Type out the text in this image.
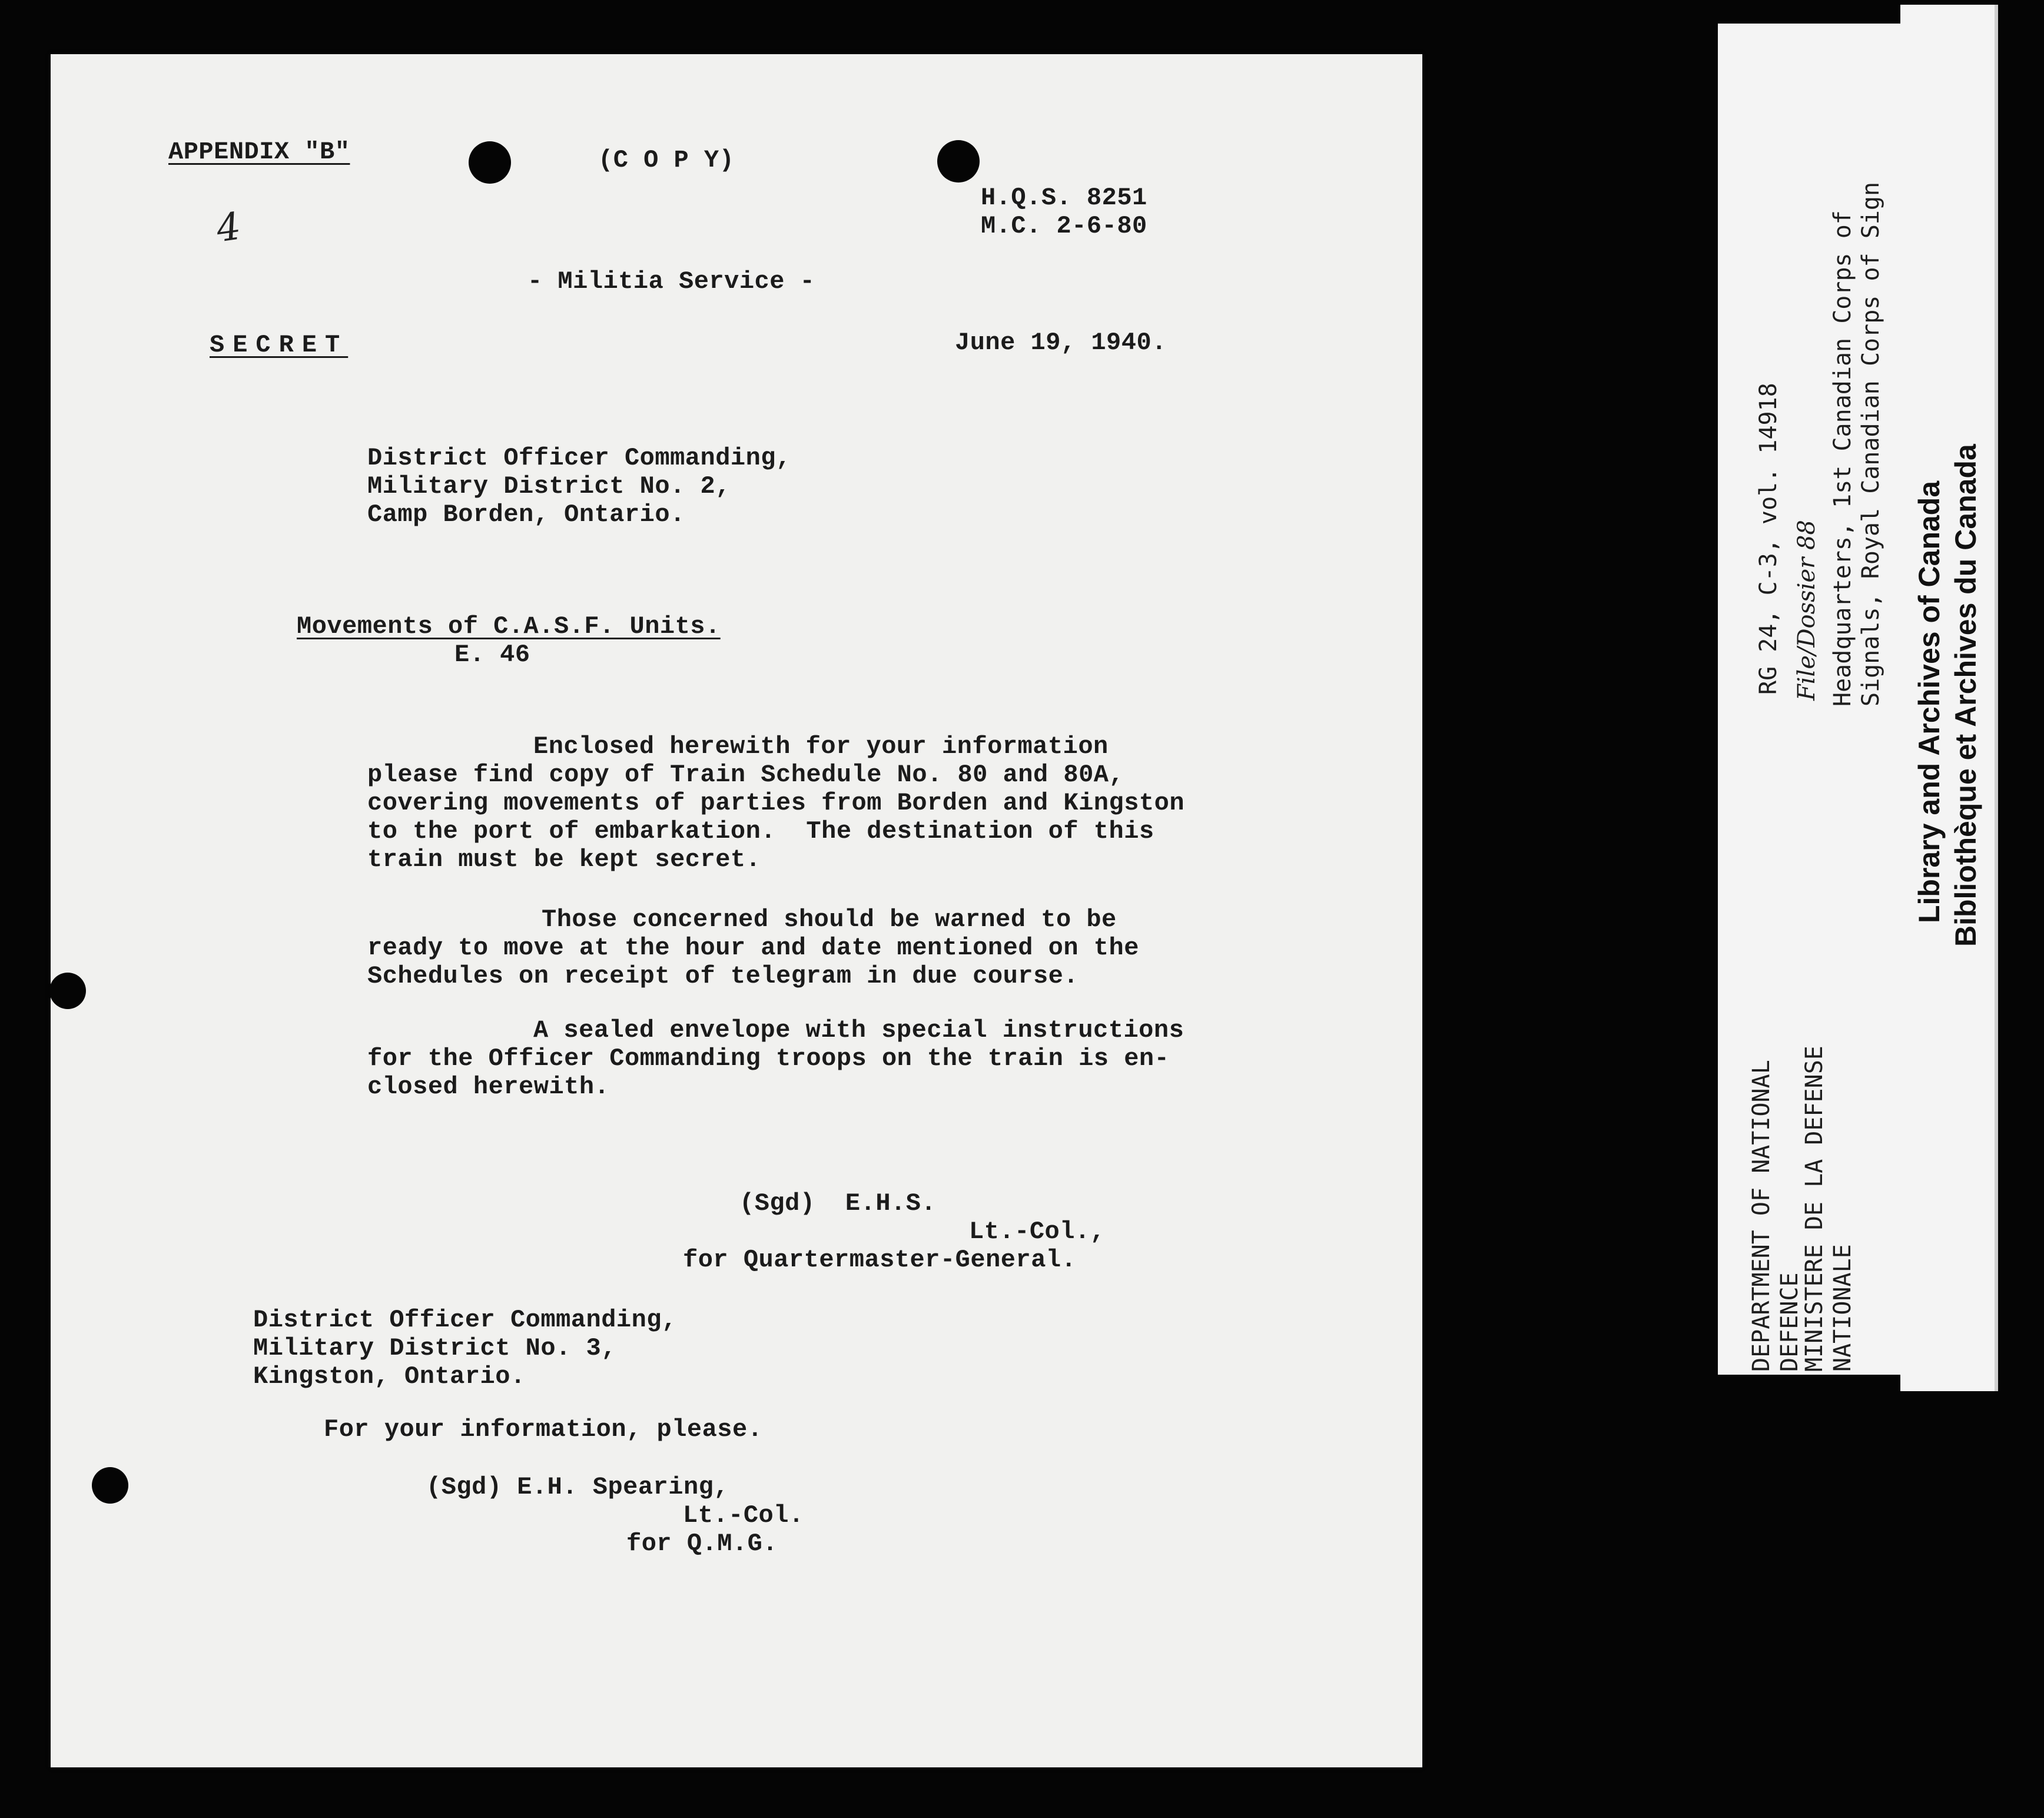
APPENDIX "B"	(C O P Y)
H.Q.S. 8251
M.C. 2-6-80
4
- Militia Service -
SECRET	June 19, 1940.
District Officer Commanding,
Military District No. 2,
Camp Borden, Ontario.
Movements of C.A.S.F. Units.
E. 46
Enclosed herewith for your information
please find copy of Train Schedule No. 80 and 80A,
covering movements of parties from Borden and Kingston
to the port of embarkation.  The destination of this
train must be kept secret.
Those concerned should be warned to be
ready to move at the hour and date mentioned on the
Schedules on receipt of telegram in due course.
A sealed envelope with special instructions
for the Officer Commanding troops on the train is en-
closed herewith.
(Sgd)  E.H.S.
Lt.-Col.,
for Quartermaster-General.
District Officer Commanding,
Military District No. 3,
Kingston, Ontario.
For your information, please.
(Sgd) E.H. Spearing,
Lt.-Col.
for Q.M.G.
RG 24, C-3, vol. 14918 File/Dossier 88 Headquarters, 1st Canadian Corps of Signals, Royal Canadian Corps of Sign
DEPARTMENT OF NATIONAL DEFENCE
MINISTERE DE LA DEFENSE NATIONALE
Library and Archives of Canada Bibliothèque et Archives du Canada
